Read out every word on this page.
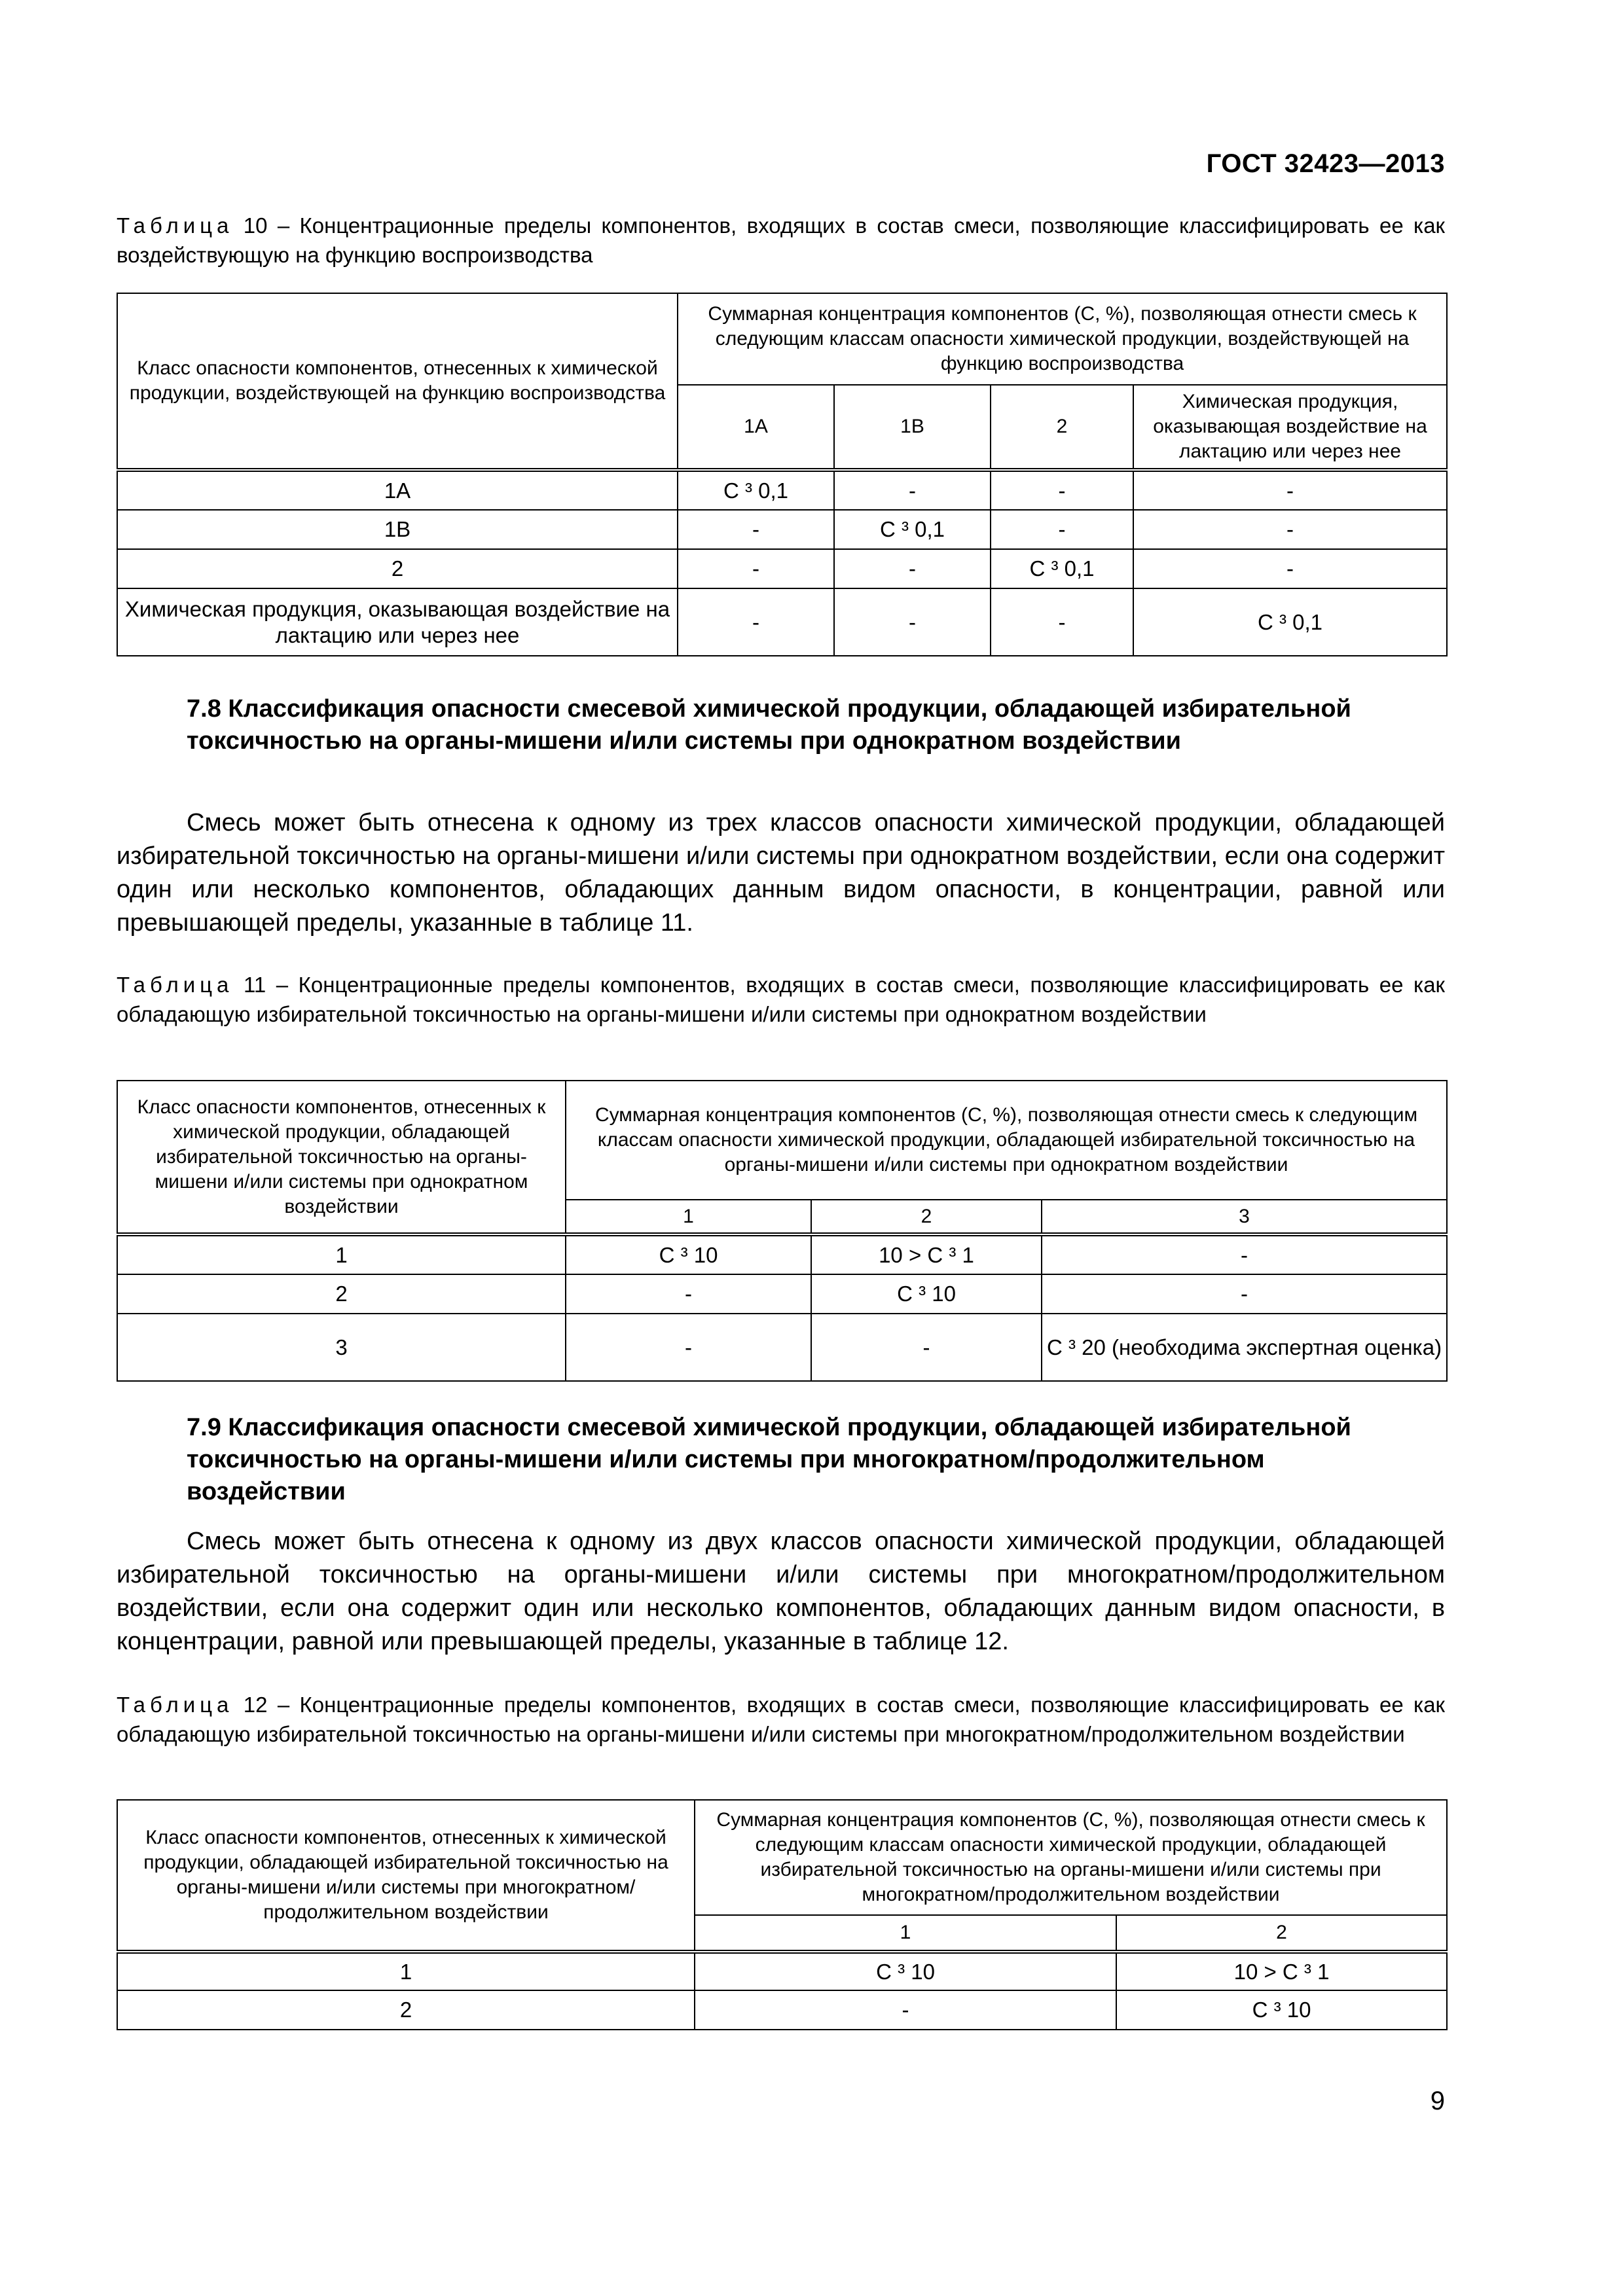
ГОСТ 32423—2013
Таблица 10 – Концентрационные пределы компонентов, входящих в состав смеси, позволяющие классифицировать ее как воздействующую на функцию воспроизводства
Класс опасности компонентов, отнесенных к химической продукции, воздействующей на функцию воспроизводства	Суммарная концентрация компонентов (С, %), позволяющая отнести смесь к следующим классам опасности химической продукции, воздействующей на функцию воспроизводства			
	1А	1В	2	Химическая продукция, оказывающая воздействие на лактацию или через нее
1А	С ³ 0,1	-	-	-
1В	-	С ³ 0,1	-	-
2	-	-	С ³ 0,1	-
Химическая продукция, оказывающая воздействие на лактацию или через нее	-	-	-	С ³ 0,1
7.8 Классификация опасности смесевой химической продукции, обладающей избирательной токсичностью на органы-мишени и/или системы при однократном воздействии
Смесь может быть отнесена к одному из трех классов опасности химической продукции, обладающей избирательной токсичностью на органы-мишени и/или системы при однократном воздействии, если она содержит один или несколько компонентов, обладающих данным видом опасности, в концентрации, равной или превышающей пределы, указанные в таблице 11.
Таблица 11 – Концентрационные пределы компонентов, входящих в состав смеси, позволяющие классифицировать ее как обладающую избирательной токсичностью на органы-мишени и/или системы при однократном воздействии
Класс опасности компонентов, отнесенных к химической продукции, обладающей избирательной токсичностью на органы-мишени и/или системы при однократном воздействии	Суммарная концентрация компонентов (С, %), позволяющая отнести смесь к следующим классам опасности химической продукции, обладающей избирательной токсичностью на органы-мишени и/или системы при однократном воздействии		
	1	2	3
1	С ³ 10	10 > С ³ 1	-
2	-	С ³ 10	-
3	-	-	С ³ 20 (необходима экспертная оценка)
7.9 Классификация опасности смесевой химической продукции, обладающей избирательной токсичностью на органы-мишени и/или системы при многократном/продолжительном воздействии
Смесь может быть отнесена к одному из двух классов опасности химической продукции, обладающей избирательной токсичностью на органы-мишени и/или системы при многократном/продолжительном воздействии, если она содержит один или несколько компонентов, обладающих данным видом опасности, в концентрации, равной или превышающей пределы, указанные в таблице 12.
Таблица 12 – Концентрационные пределы компонентов, входящих в состав смеси, позволяющие классифицировать ее как обладающую избирательной токсичностью на органы-мишени и/или системы при многократном/продолжительном воздействии
Класс опасности компонентов, отнесенных к химической продукции, обладающей избирательной токсичностью на органы-мишени и/или системы при многократном/продолжительном воздействии	Суммарная концентрация компонентов (С, %), позволяющая отнести смесь к следующим классам опасности химической продукции, обладающей избирательной токсичностью на органы-мишени и/или системы при многократном/продолжительном воздействии	
	1	2
1	C ³ 10	10 > C ³ 1
2	-	C ³ 10
9
